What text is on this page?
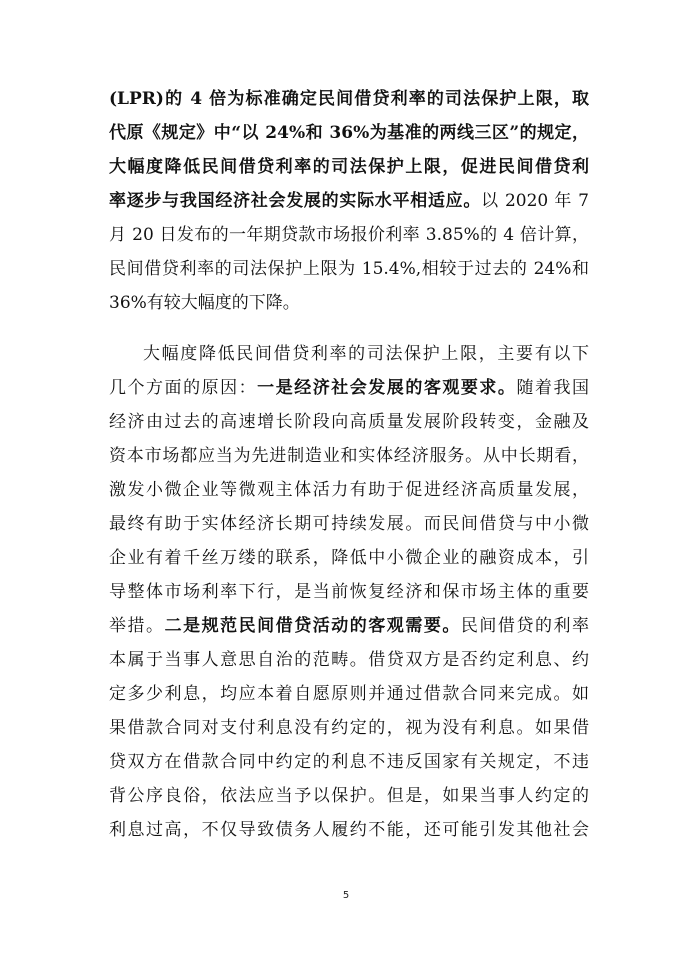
(LPR)的 4 倍为标准确定民间借贷利率的司法保护上限，取
代原《规定》中“以 24%和 36%为基准的两线三区”的规定，
大幅度降低民间借贷利率的司法保护上限，促进民间借贷利
率逐步与我国经济社会发展的实际水平相适应。以 2020 年 7
月 20 日发布的一年期贷款市场报价利率 3.85%的 4 倍计算，
民间借贷利率的司法保护上限为 15.4%,相较于过去的 24%和
36%有较大幅度的下降。
大幅度降低民间借贷利率的司法保护上限，主要有以下
几个方面的原因：一是经济社会发展的客观要求。随着我国
经济由过去的高速增长阶段向高质量发展阶段转变，金融及
资本市场都应当为先进制造业和实体经济服务。从中长期看，
激发小微企业等微观主体活力有助于促进经济高质量发展，
最终有助于实体经济长期可持续发展。而民间借贷与中小微
企业有着千丝万缕的联系，降低中小微企业的融资成本，引
导整体市场利率下行，是当前恢复经济和保市场主体的重要
举措。二是规范民间借贷活动的客观需要。民间借贷的利率
本属于当事人意思自治的范畴。借贷双方是否约定利息、约
定多少利息，均应本着自愿原则并通过借款合同来完成。如
果借款合同对支付利息没有约定的，视为没有利息。如果借
贷双方在借款合同中约定的利息不违反国家有关规定，不违
背公序良俗，依法应当予以保护。但是，如果当事人约定的
利息过高，不仅导致债务人履约不能，还可能引发其他社会
5
